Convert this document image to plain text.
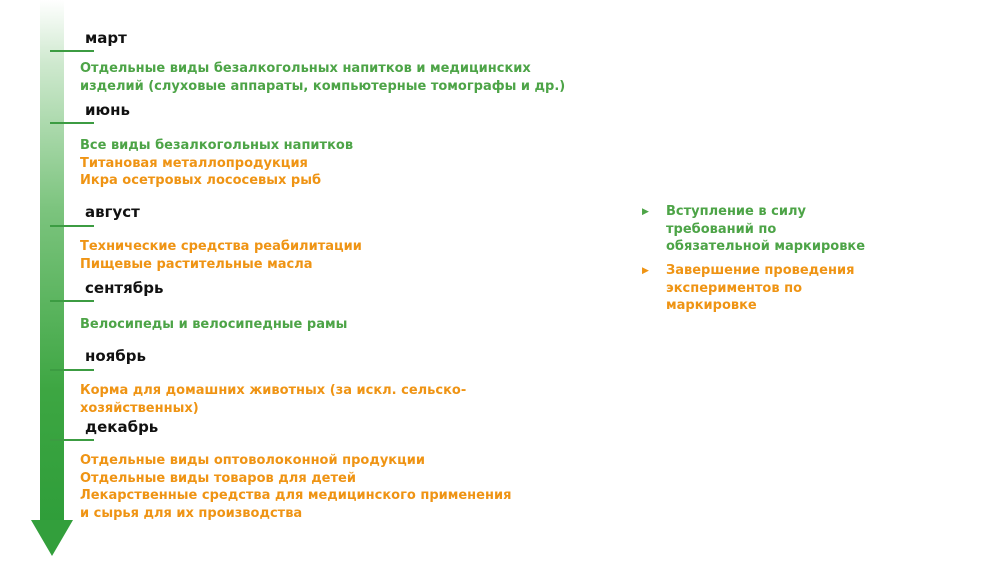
март
Отдельные виды безалкогольных напитков и медицинских
изделий (слуховые аппараты, компьютерные томографы и др.)
июнь
Все виды безалкогольных напитков
Титановая металлопродукция
Икра осетровых лососевых рыб
август
Технические средства реабилитации
Пищевые растительные масла
сентябрь
Велосипеды и велосипедные рамы
ноябрь
Корма для домашних животных (за искл. сельско-
хозяйственных)
декабрь
Отдельные виды оптоволоконной продукции
Отдельные виды товаров для детей
Лекарственные средства для медицинского применения
и сырья для их производства
▶ Вступление в силу
требований по
обязательной маркировке
▶ Завершение проведения
экспериментов по
маркировке
